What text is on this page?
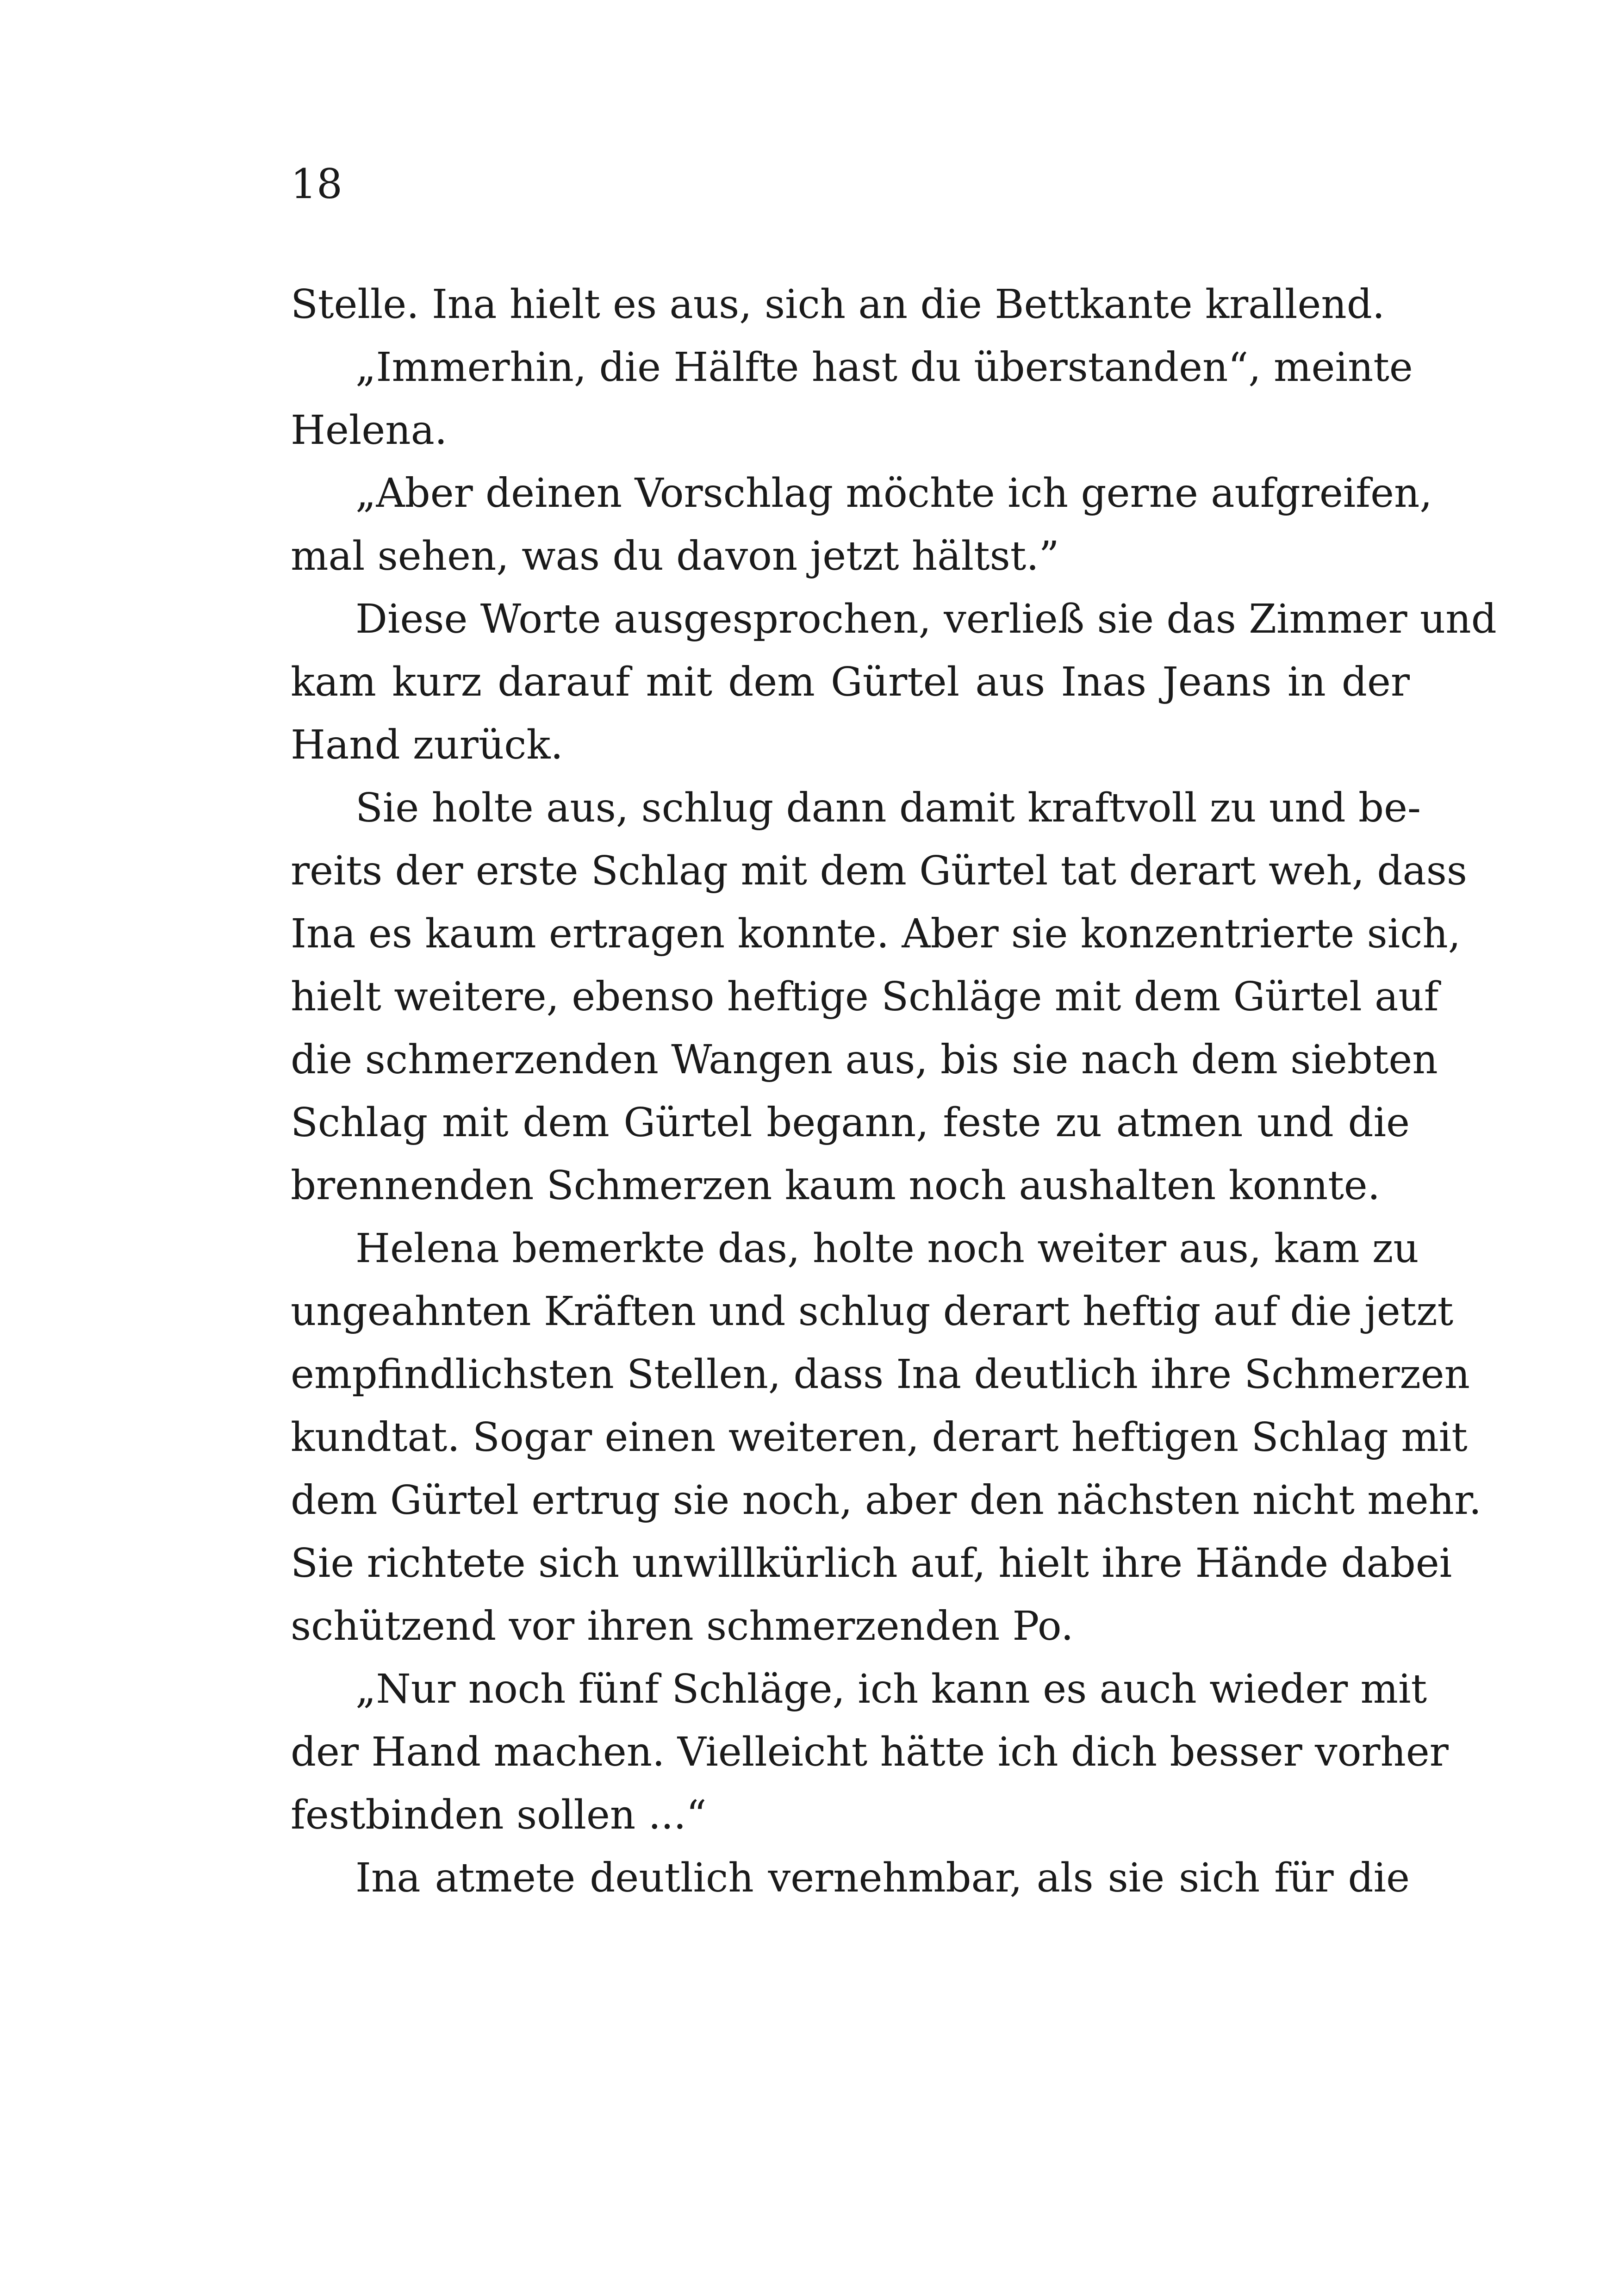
18
Stelle. Ina hielt es aus, sich an die Bettkante krallend.
„Immerhin, die Hälfte hast du überstanden“, meinte
Helena.
„Aber deinen Vorschlag möchte ich gerne aufgreifen,
mal sehen, was du davon jetzt hältst.”
Diese Worte ausgesprochen, verließ sie das Zimmer und
kam kurz darauf mit dem Gürtel aus Inas Jeans in der
Hand zurück.
Sie holte aus, schlug dann damit kraftvoll zu und be-
reits der erste Schlag mit dem Gürtel tat derart weh, dass
Ina es kaum ertragen konnte. Aber sie konzentrierte sich,
hielt weitere, ebenso heftige Schläge mit dem Gürtel auf
die schmerzenden Wangen aus, bis sie nach dem siebten
Schlag mit dem Gürtel begann, feste zu atmen und die
brennenden Schmerzen kaum noch aushalten konnte.
Helena bemerkte das, holte noch weiter aus, kam zu
ungeahnten Kräften und schlug derart heftig auf die jetzt
empfindlichsten Stellen, dass Ina deutlich ihre Schmerzen
kundtat. Sogar einen weiteren, derart heftigen Schlag mit
dem Gürtel ertrug sie noch, aber den nächsten nicht mehr.
Sie richtete sich unwillkürlich auf, hielt ihre Hände dabei
schützend vor ihren schmerzenden Po.
„Nur noch fünf Schläge, ich kann es auch wieder mit
der Hand machen. Vielleicht hätte ich dich besser vorher
festbinden sollen ...“
Ina atmete deutlich vernehmbar, als sie sich für die
